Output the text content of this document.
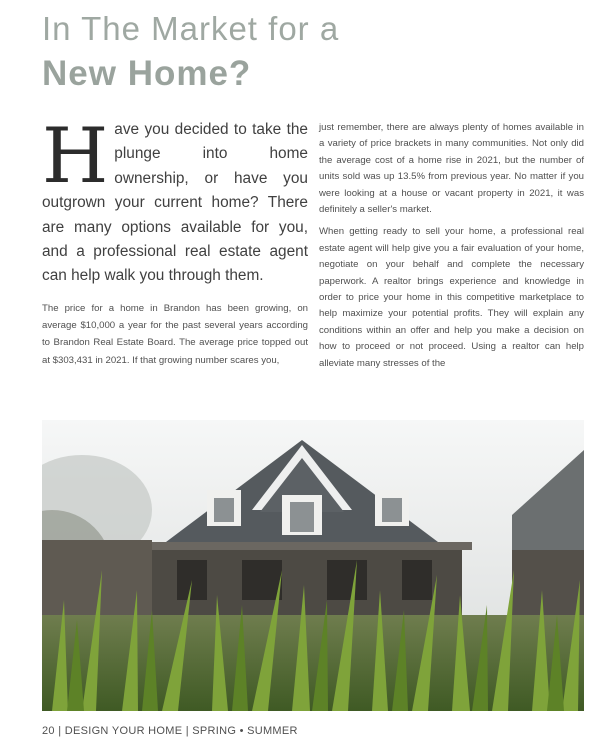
In The Market for a
New Home?
H ave you decided to take the plunge into home ownership, or have you outgrown your current home? There are many options available for you, and a professional real estate agent can help walk you through them.

The price for a home in Brandon has been growing, on average $10,000 a year for the past several years according to Brandon Real Estate Board. The average price topped out at $303,431 in 2021. If that growing number scares you,

just remember, there are always plenty of homes available in a variety of price brackets in many communities. Not only did the average cost of a home rise in 2021, but the number of units sold was up 13.5% from previous year. No matter if you were looking at a house or vacant property in 2021, it was definitely a seller's market.

When getting ready to sell your home, a professional real estate agent will help give you a fair evaluation of your home, negotiate on your behalf and complete the necessary paperwork. A realtor brings experience and knowledge in order to price your home in this competitive marketplace to help maximize your potential profits. They will explain any conditions within an offer and help you make a decision on how to proceed or not proceed. Using a realtor can help alleviate many stresses of the

20 | DESIGN YOUR HOME | SPRING • SUMMER
